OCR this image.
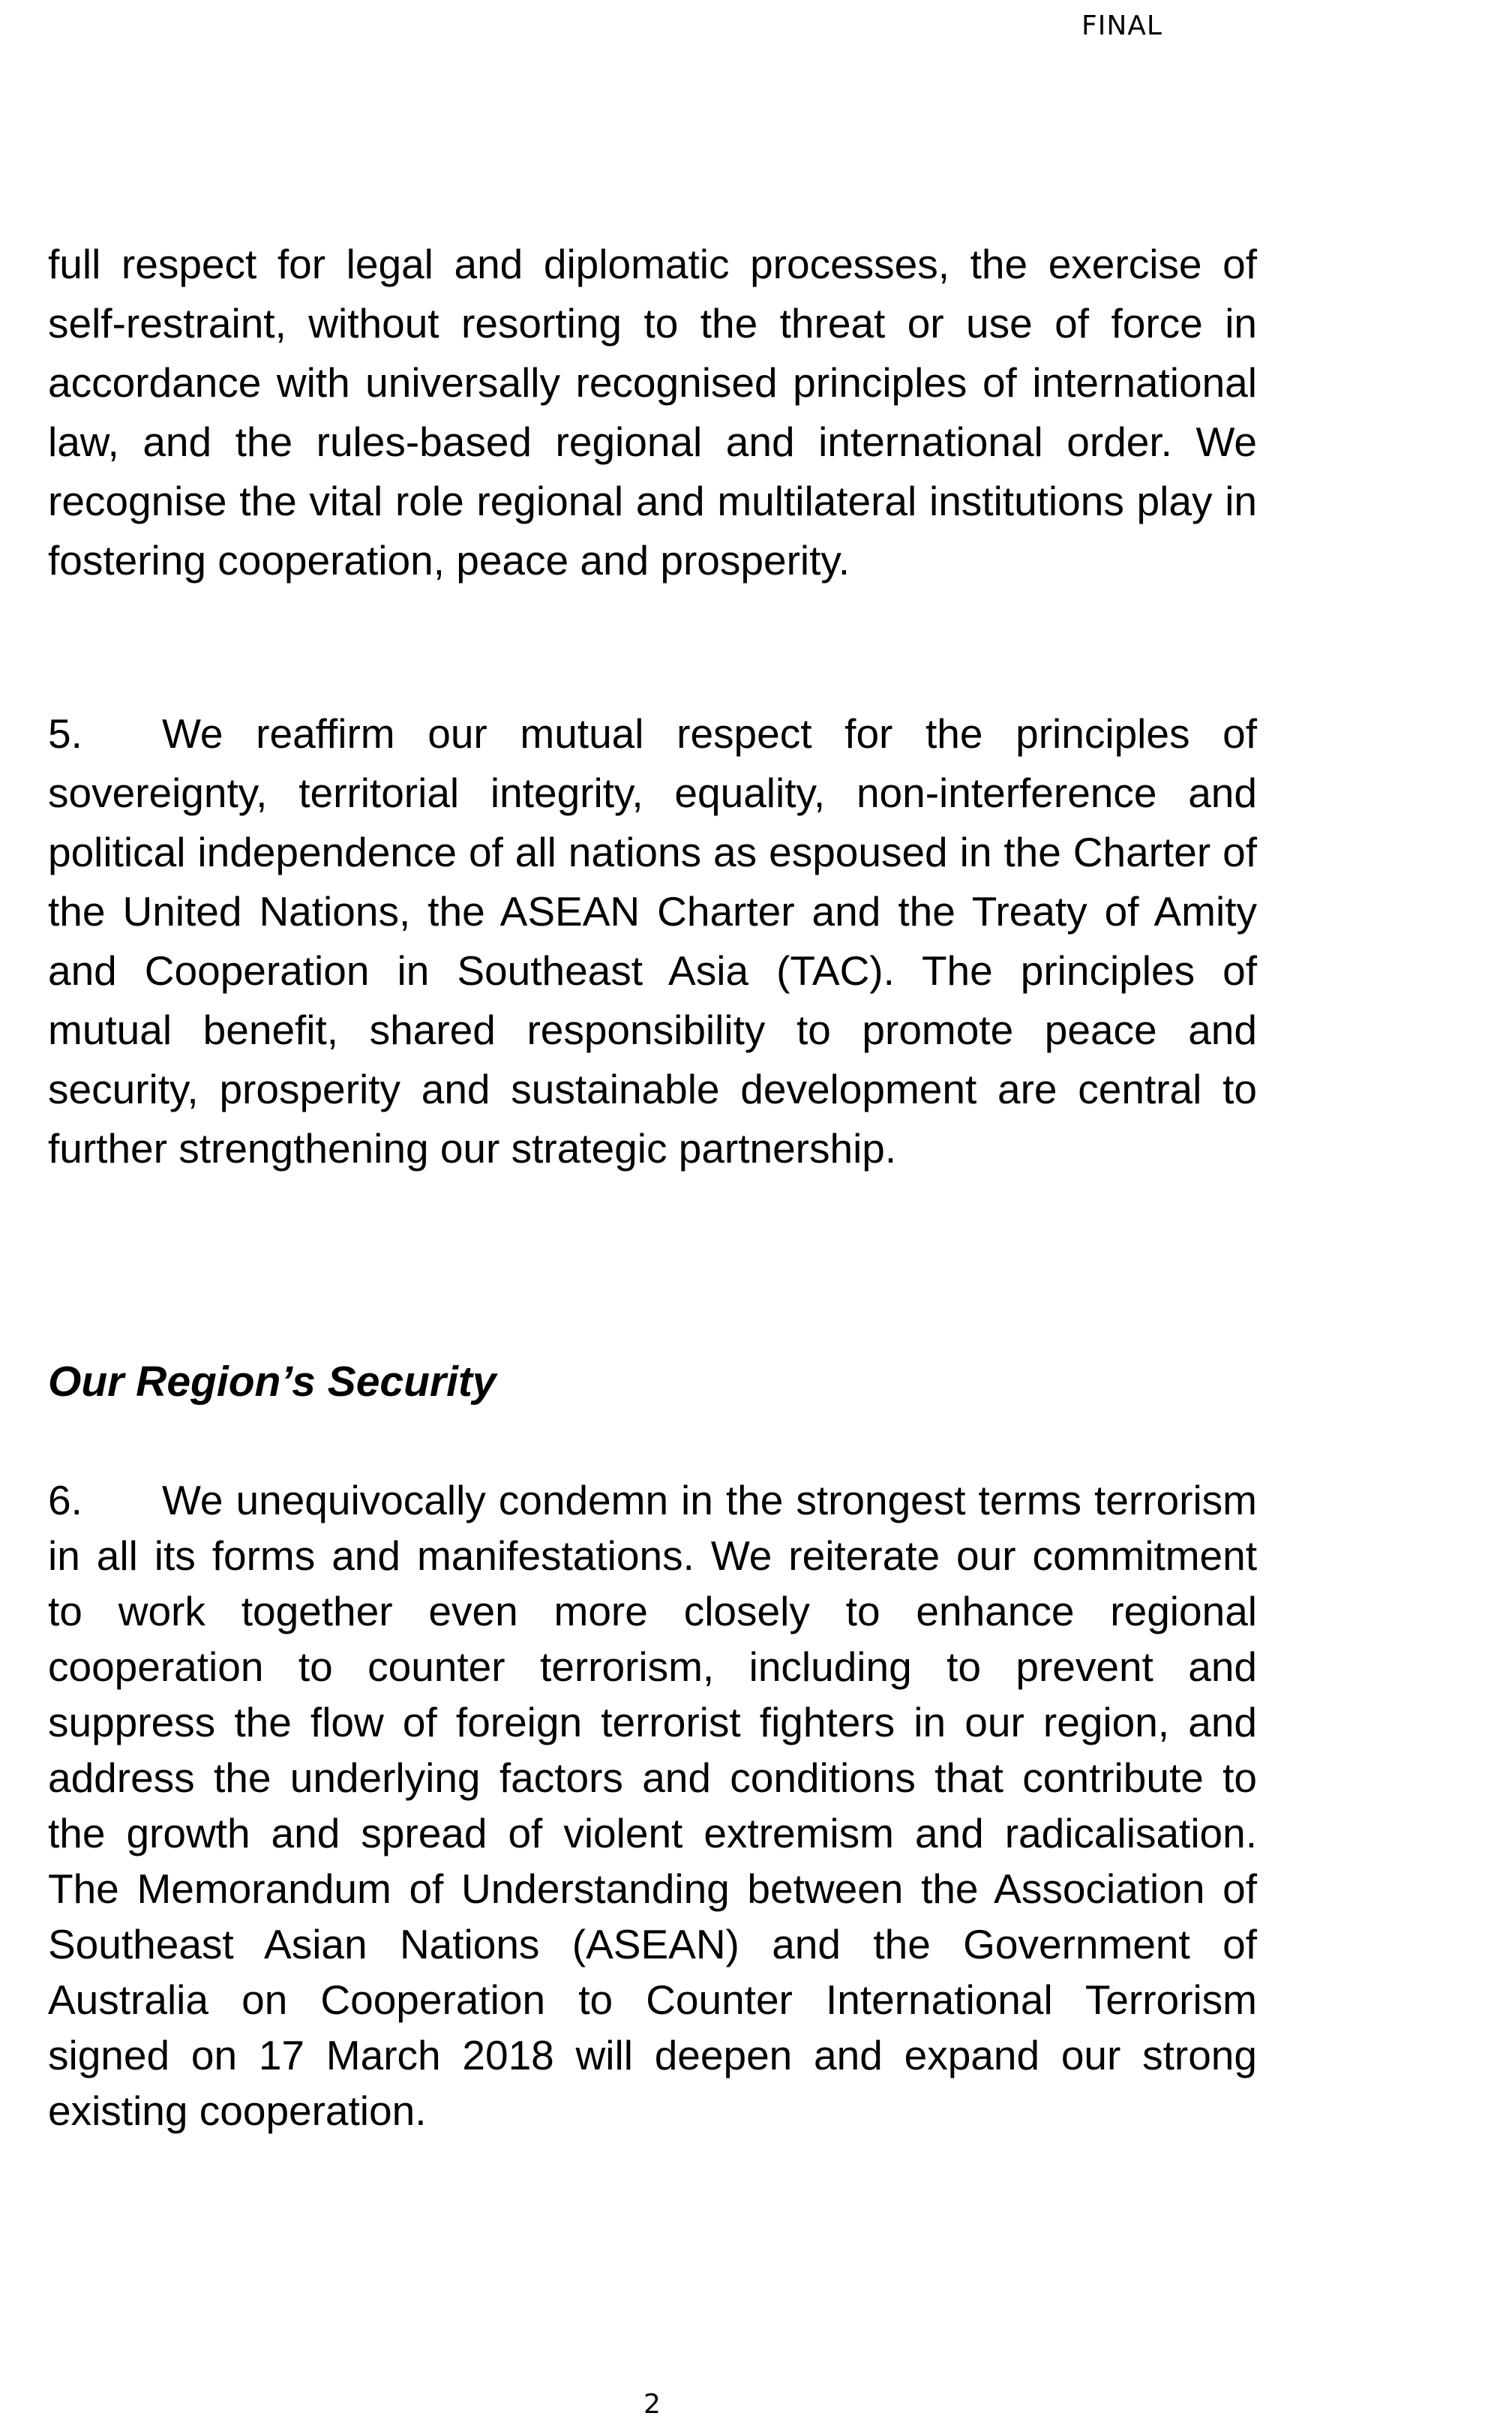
FINAL

full respect for legal and diplomatic processes, the exercise of self-restraint, without resorting to the threat or use of force in accordance with universally recognised principles of international law, and the rules-based regional and international order. We recognise the vital role regional and multilateral institutions play in fostering cooperation, peace and prosperity.

5. We reaffirm our mutual respect for the principles of sovereignty, territorial integrity, equality, non-interference and political independence of all nations as espoused in the Charter of the United Nations, the ASEAN Charter and the Treaty of Amity and Cooperation in Southeast Asia (TAC). The principles of mutual benefit, shared responsibility to promote peace and security, prosperity and sustainable development are central to further strengthening our strategic partnership.

Our Region’s Security

6. We unequivocally condemn in the strongest terms terrorism in all its forms and manifestations. We reiterate our commitment to work together even more closely to enhance regional cooperation to counter terrorism, including to prevent and suppress the flow of foreign terrorist fighters in our region, and address the underlying factors and conditions that contribute to the growth and spread of violent extremism and radicalisation. The Memorandum of Understanding between the Association of Southeast Asian Nations (ASEAN) and the Government of Australia on Cooperation to Counter International Terrorism signed on 17 March 2018 will deepen and expand our strong existing cooperation.

2
